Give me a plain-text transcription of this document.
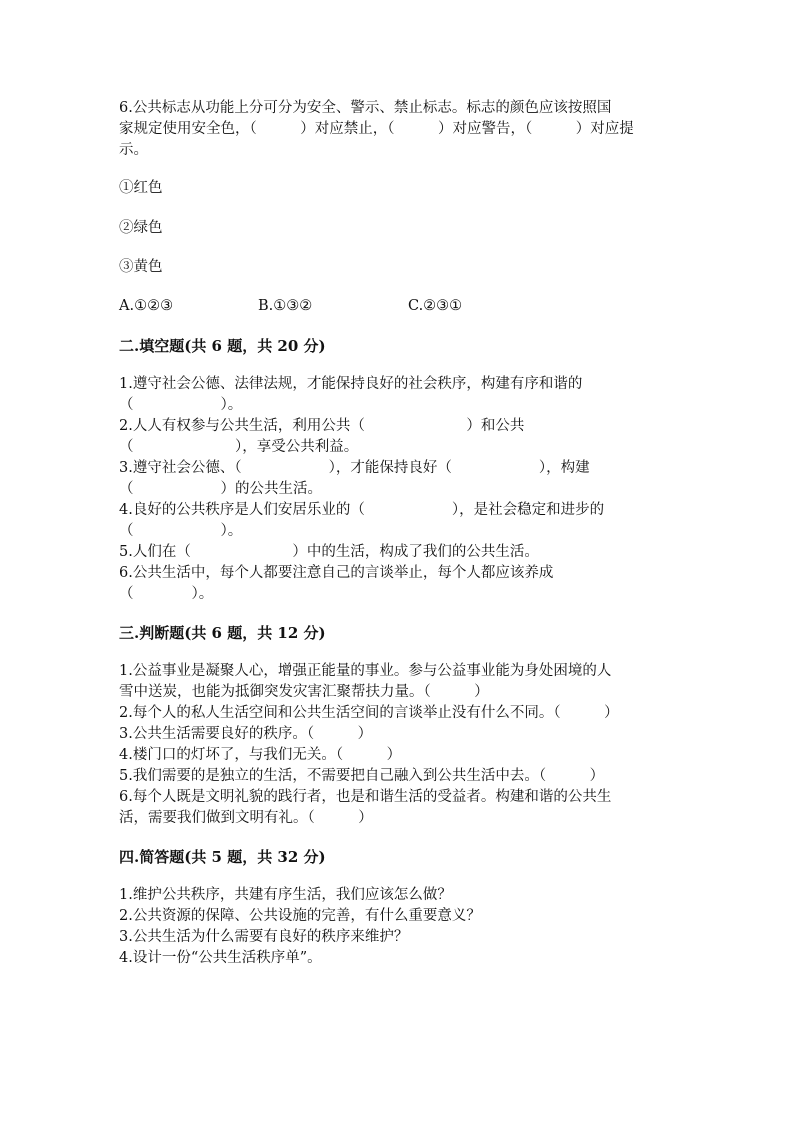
6.公共标志从功能上分可分为安全、警示、禁止标志。标志的颜色应该按照国
家规定使用安全色，（　　　）对应禁止，（　　　）对应警告，（　　　）对应提
示。
①红色
②绿色
③黄色
A.①②③	B.①③②	C.②③①
二.填空题(共 6 题，共 20 分)
1.遵守社会公德、法律法规，才能保持良好的社会秩序，构建有序和谐的
（　　　　　　）。
2.人人有权参与公共生活，利用公共（　　　　　　　）和公共
（　　　　　　　），享受公共利益。
3.遵守社会公德、（　　　　　　），才能保持良好（　　　　　　），构建
（　　　　　　）的公共生活。
4.良好的公共秩序是人们安居乐业的（　　　　　　），是社会稳定和进步的
（　　　　　　）。
5.人们在（　　　　　　　）中的生活，构成了我们的公共生活。
6.公共生活中，每个人都要注意自己的言谈举止，每个人都应该养成
（　　　　）。
三.判断题(共 6 题，共 12 分)
1.公益事业是凝聚人心，增强正能量的事业。参与公益事业能为身处困境的人
雪中送炭，也能为抵御突发灾害汇聚帮扶力量。（　　　）
2.每个人的私人生活空间和公共生活空间的言谈举止没有什么不同。（　　　）
3.公共生活需要良好的秩序。（　　　）
4.楼门口的灯坏了，与我们无关。（　　　）
5.我们需要的是独立的生活，不需要把自己融入到公共生活中去。（　　　）
6.每个人既是文明礼貌的践行者，也是和谐生活的受益者。构建和谐的公共生
活，需要我们做到文明有礼。（　　　）
四.简答题(共 5 题，共 32 分)
1.维护公共秩序，共建有序生活，我们应该怎么做？
2.公共资源的保障、公共设施的完善，有什么重要意义？
3.公共生活为什么需要有良好的秩序来维护？
4.设计一份“公共生活秩序单”。
